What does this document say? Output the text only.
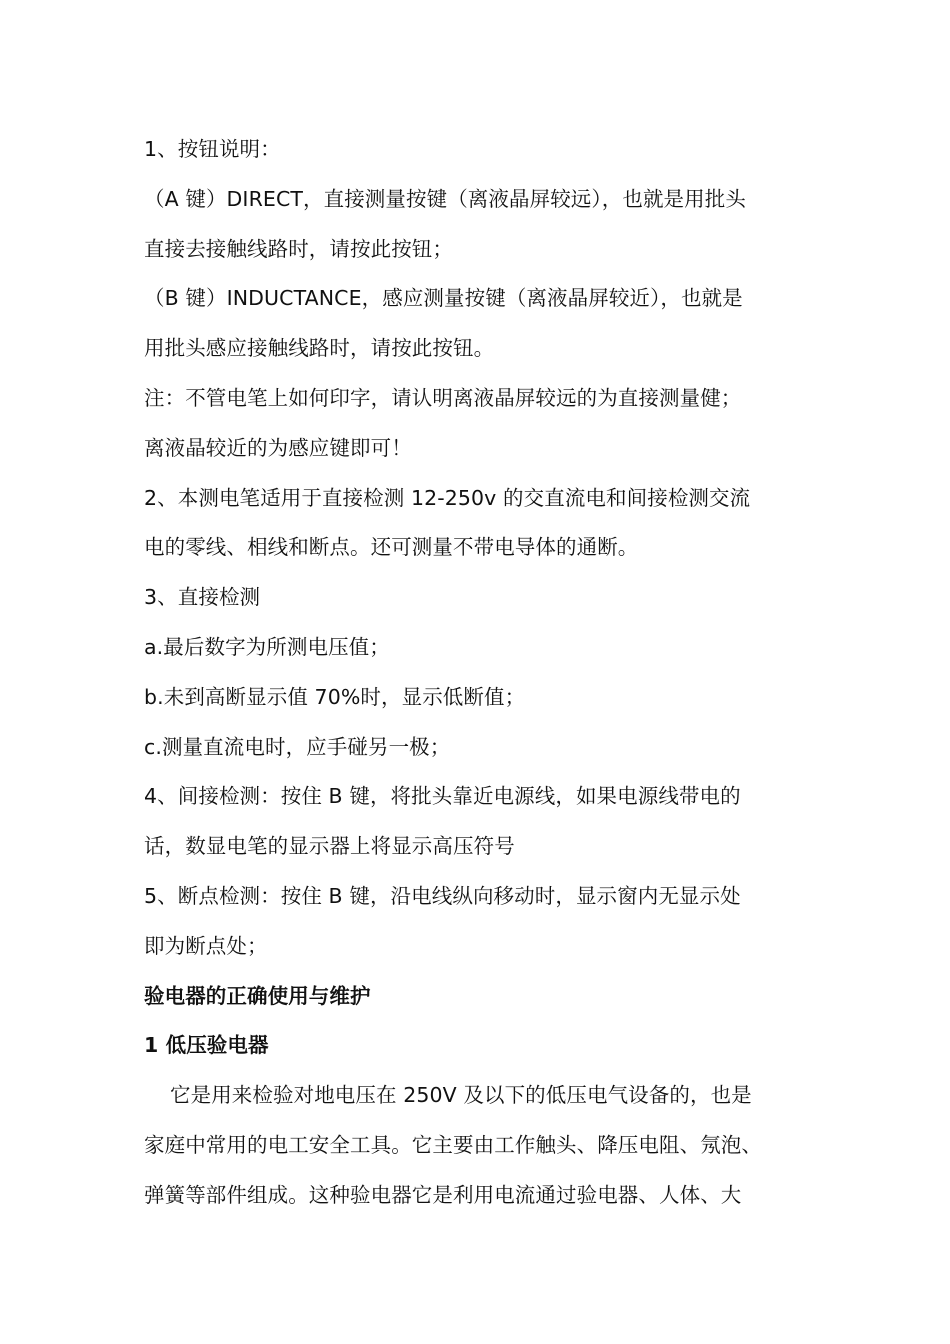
1、按钮说明：
（A 键）DIRECT，直接测量按键（离液晶屏较远），也就是用批头
直接去接触线路时，请按此按钮；
（B 键）INDUCTANCE，感应测量按键（离液晶屏较近），也就是
用批头感应接触线路时，请按此按钮。
注：不管电笔上如何印字，请认明离液晶屏较远的为直接测量健；
离液晶较近的为感应键即可！
2、本测电笔适用于直接检测 12-250v 的交直流电和间接检测交流
电的零线、相线和断点。还可测量不带电导体的通断。
3、直接检测
a.最后数字为所测电压值；
b.未到高断显示值 70%时，显示低断值；
c.测量直流电时，应手碰另一极；
4、间接检测：按住 B 键，将批头靠近电源线，如果电源线带电的
话，数显电笔的显示器上将显示高压符号
5、断点检测：按住 B 键，沿电线纵向移动时，显示窗内无显示处
即为断点处；
验电器的正确使用与维护
1 低压验电器
它是用来检验对地电压在 250V 及以下的低压电气设备的，也是
家庭中常用的电工安全工具。它主要由工作触头、降压电阻、氖泡、
弹簧等部件组成。这种验电器它是利用电流通过验电器、人体、大
